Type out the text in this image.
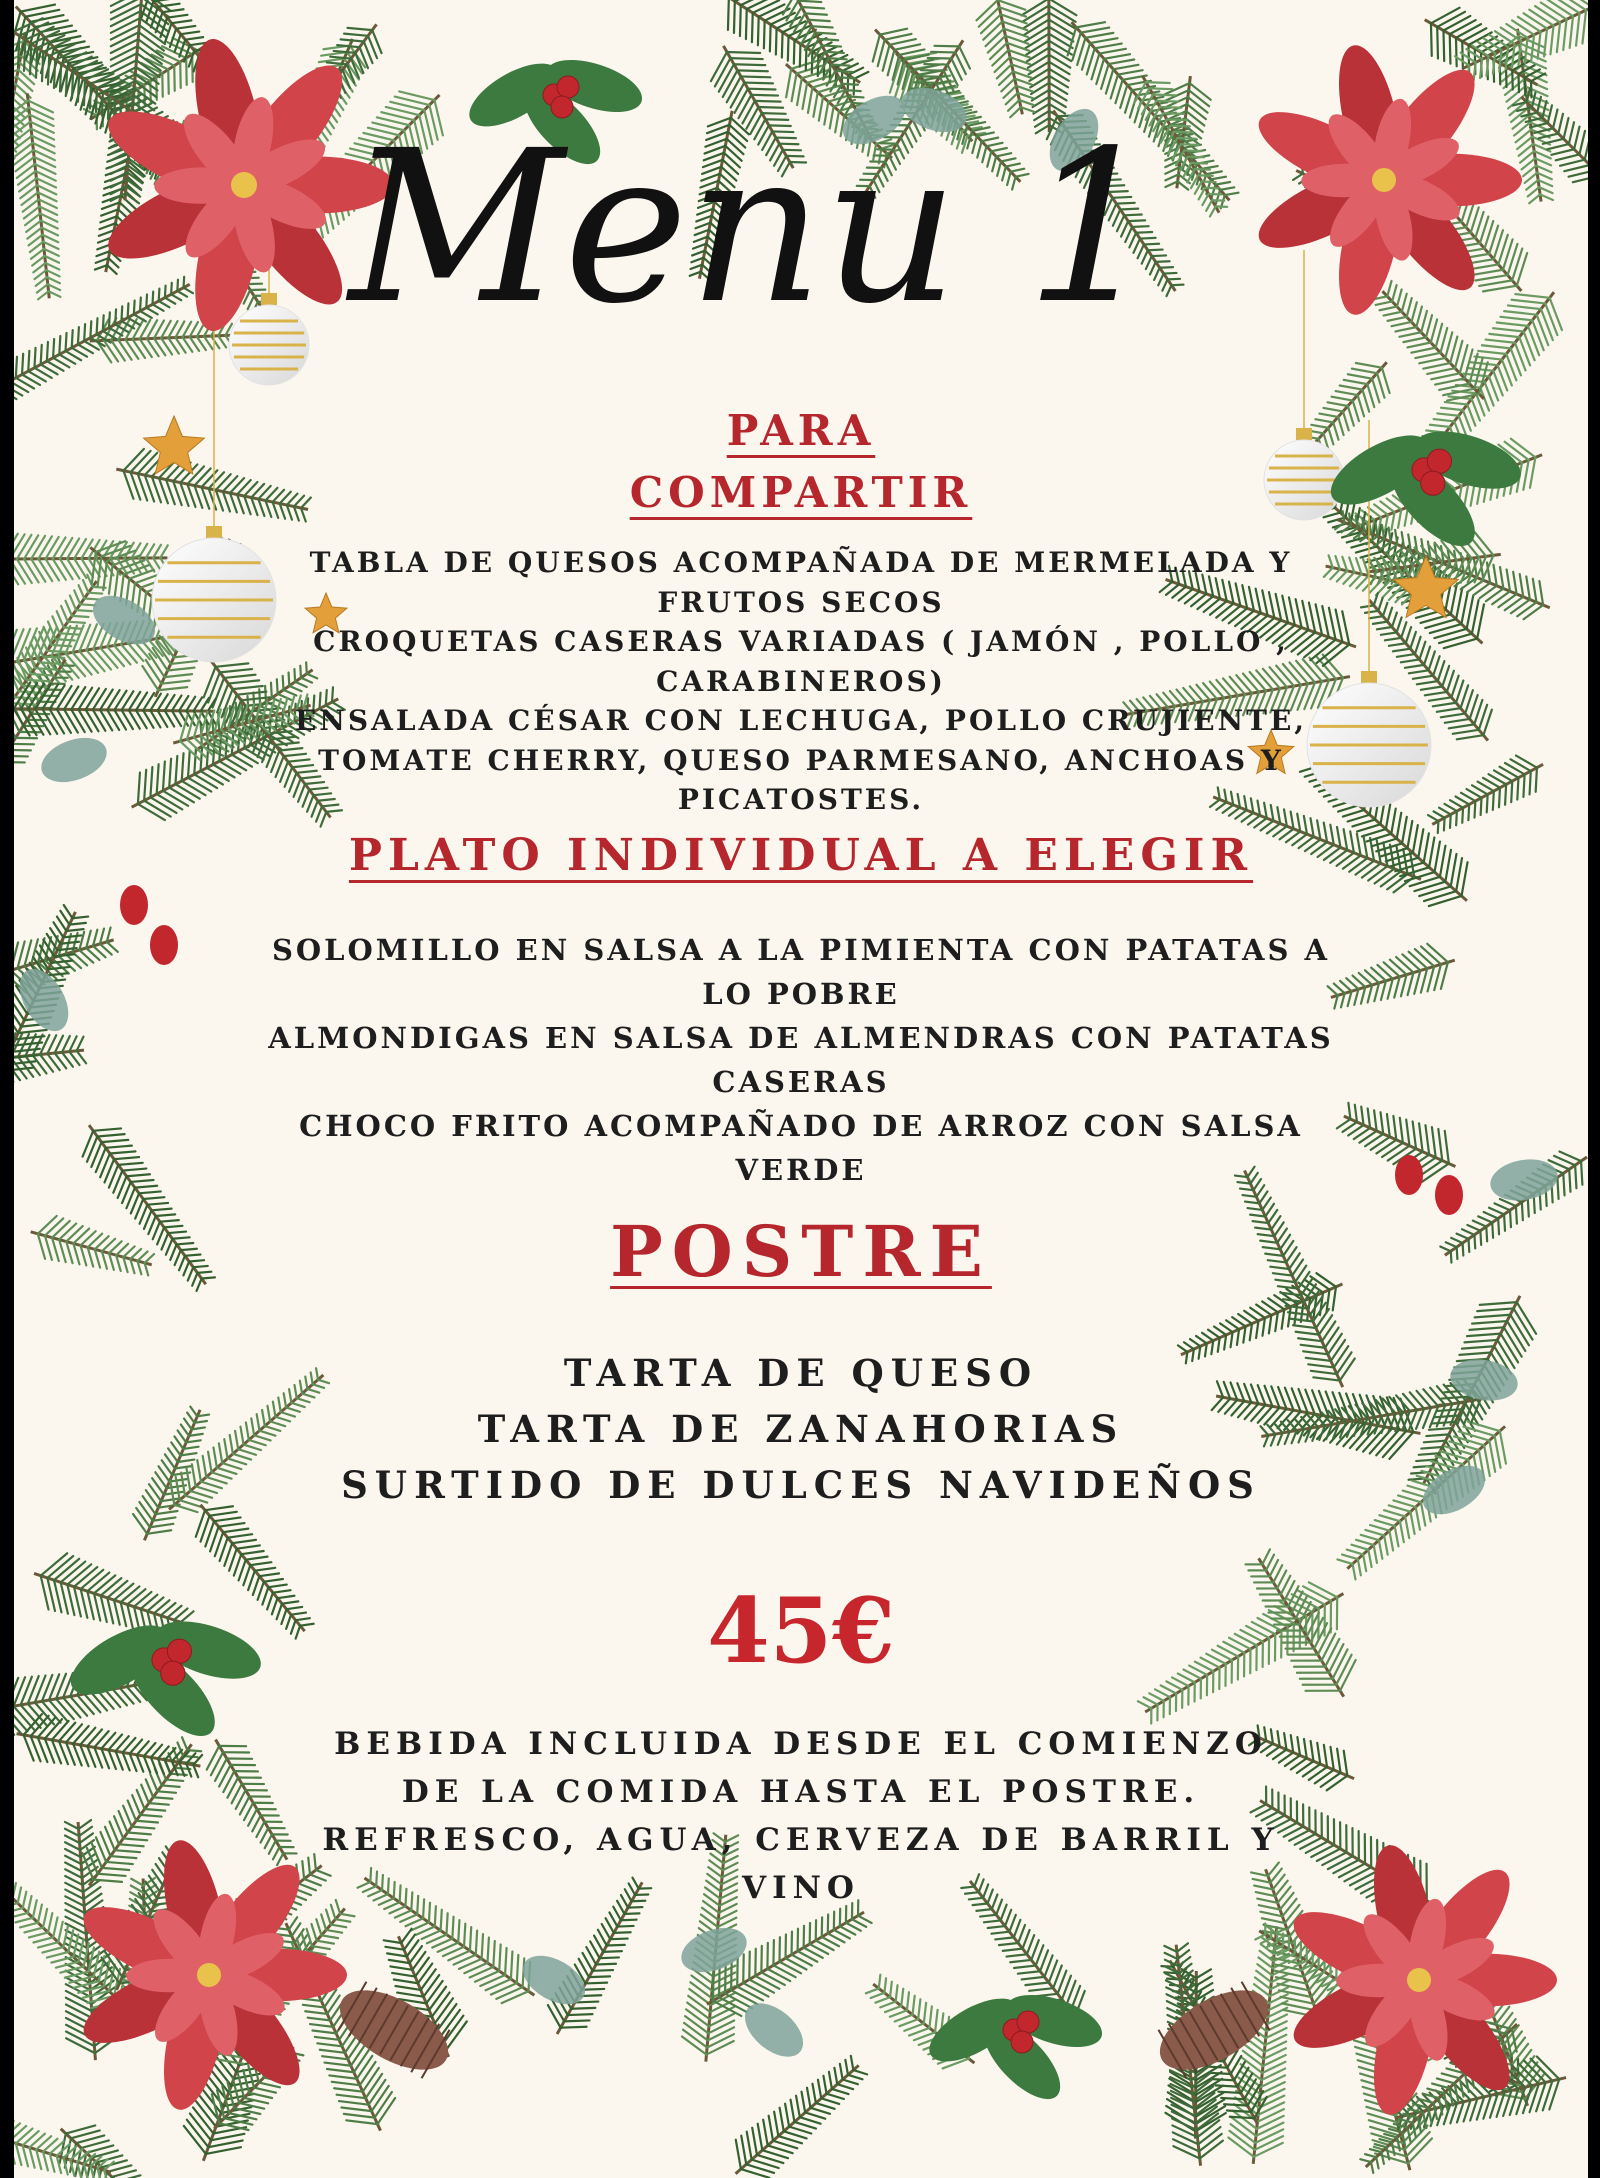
Menu 1
PARA
COMPARTIR
TABLA DE QUESOS ACOMPAÑADA DE MERMELADA Y
FRUTOS SECOS
CROQUETAS CASERAS VARIADAS ( JAMÓN , POLLO ,
CARABINEROS)
ENSALADA CÉSAR CON LECHUGA, POLLO CRUJIENTE,
TOMATE CHERRY, QUESO PARMESANO, ANCHOAS Y
PICATOSTES.
PLATO INDIVIDUAL A ELEGIR
SOLOMILLO EN SALSA A LA PIMIENTA CON PATATAS A
LO POBRE
ALMONDIGAS EN SALSA DE ALMENDRAS CON PATATAS
CASERAS
CHOCO FRITO ACOMPAÑADO DE ARROZ CON SALSA
VERDE
POSTRE
TARTA DE QUESO
TARTA DE ZANAHORIAS
SURTIDO DE DULCES NAVIDEÑOS
45€
BEBIDA INCLUIDA DESDE EL COMIENZO
DE LA COMIDA HASTA EL POSTRE.
REFRESCO, AGUA, CERVEZA DE BARRIL Y
VINO
